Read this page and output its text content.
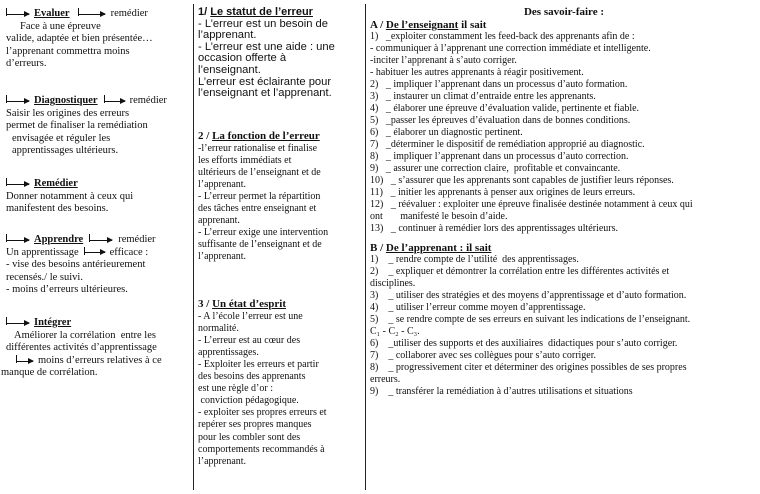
Evaluer	remédier
Face à une épreuve
valide, adaptée et bien présentée…
l’apprenant commettra moins
d’erreurs.
Diagnostiquer	remédier
Saisir les origines des erreurs
permet de finaliser la remédiation
envisagée et réguler les
apprentissages ultérieurs.
Remédier
Donner notamment à ceux qui
manifestent des besoins.
Apprendre	remédier
Un apprentissage	efficace :
- vise des besoins antérieurement
recensés./ le suivi.
- moins d’erreurs ultérieures.
Intégrer
Améliorer la corrélation  entre les
différentes activités d’apprentissage
moins d’erreurs relatives à ce
manque de corrélation.
1/ Le statut de l’erreur
- L’erreur est un besoin de
l’apprenant.
- L’erreur est une aide : une
occasion offerte à
l’enseignant.
L’erreur est éclairante pour
l’enseignant et l’apprenant.
2 / La fonction de l’erreur
-l’erreur rationalise et finalise
les efforts immédiats et
ultérieurs de l’enseignant et de
l’apprenant.
- L’erreur permet la répartition
des tâches entre enseignant et
apprenant.
- L’erreur exige une intervention
suffisante de l’enseignant et de
l’apprenant.
3 / Un état d’esprit
- A l’école l’erreur est une
normalité.
- L’erreur est au cœur des
apprentissages.
- Exploiter les erreurs et partir
des besoins des apprenants
est une règle d’or :
conviction pédagogique.
- exploiter ses propres erreurs et
repérer ses propres manques
pour les combler sont des
comportements recommandés à
l’apprenant.
Des savoir-faire :
A / De l’enseignant il sait
1)   _exploiter constamment les feed-back des apprenants afin de :
- communiquer à l’apprenant une correction immédiate et intelligente.
-inciter l’apprenant à s’auto corriger.
- habituer les autres apprenants à réagir positivement.
2)   _ impliquer l’apprenant dans un processus d’auto formation.
3)   _ instaurer un climat d’entraide entre les apprenants.
4)   _ élaborer une épreuve d’évaluation valide, pertinente et fiable.
5)   _passer les épreuves d’évaluation dans de bonnes conditions.
6)   _ élaborer un diagnostic pertinent.
7)   _déterminer le dispositif de remédiation approprié au diagnostic.
8)   _ impliquer l’apprenant dans un processus d’auto correction.
9)   _ assurer une correction claire,  profitable et convaincante.
10)   _ s’assurer que les apprenants sont capables de justifier leurs réponses.
11)   _ initier les apprenants à penser aux origines de leurs erreurs.
12)   _ réévaluer : exploiter une épreuve finalisée destinée notamment à ceux qui
ont       manifesté le besoin d’aide.
13)   _ continuer à remédier lors des apprentissages ultérieurs.
B / De l’apprenant : il sait
1)    _ rendre compte de l’utilité  des apprentissages.
2)    _ expliquer et démontrer la corrélation entre les différentes activités et
disciplines.
3)    _ utiliser des stratégies et des moyens d’apprentissage et d’auto formation.
4)    _ utiliser l’erreur comme moyen d’apprentissage.
5)    _ se rendre compte de ses erreurs en suivant les indications de l’enseignant.
C₁ - C₂ - C₃.
6)    _utiliser des supports et des auxiliaires  didactiques pour s’auto corriger.
7)    _ collaborer avec ses collègues pour s’auto corriger.
8)    _ progressivement citer et déterminer des origines possibles de ses propres
erreurs.
9)    _ transférer la remédiation à d’autres utilisations et situations
